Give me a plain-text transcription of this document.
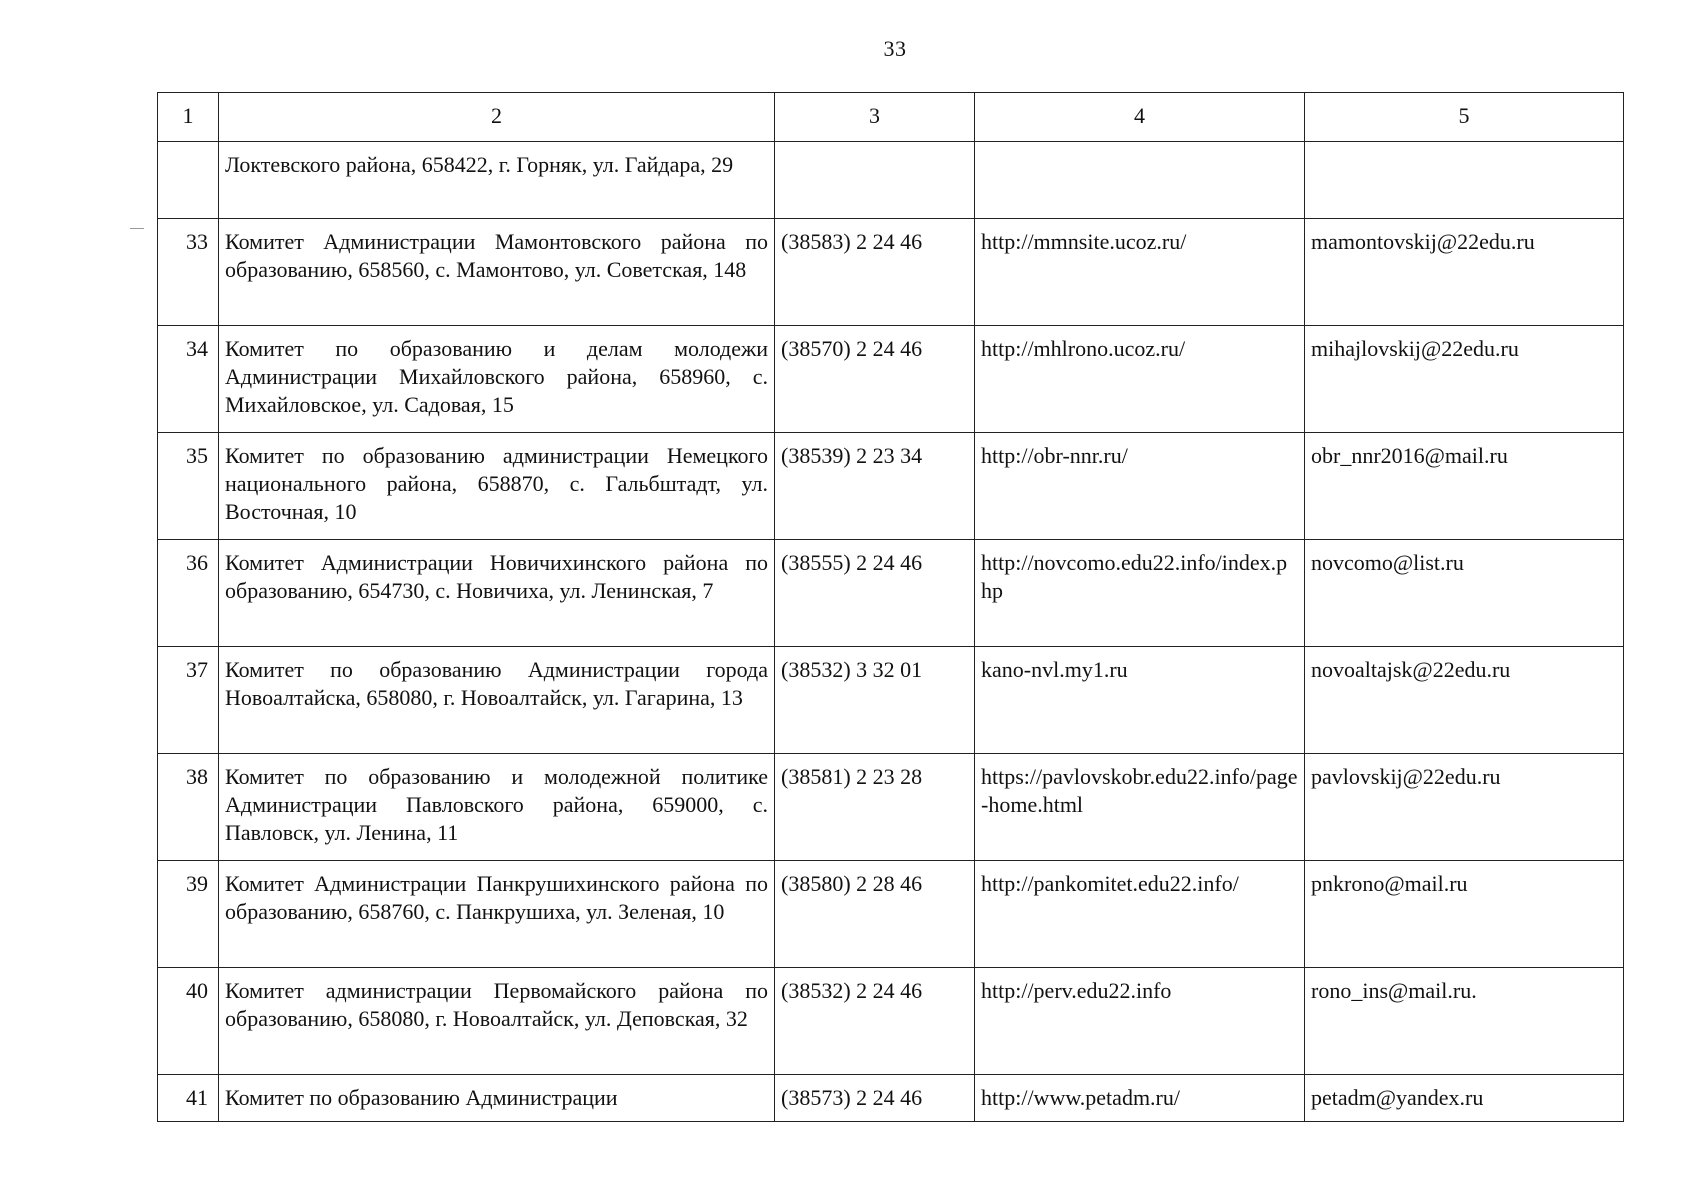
33
1	2	3	4	5
	Локтевского района, 658422, г. Горняк, ул. Гайдара, 29			
33	Комитет Администрации Мамонтовского района по образованию, 658560, с. Мамонтово, ул. Советская, 148	(38583) 2 24 46	http://mmnsite.ucoz.ru/	mamontovskij@22edu.ru
34	Комитет по образованию и делам молодежи Администрации Михайловского района, 658960, с. Михайловское, ул. Садовая, 15	(38570) 2 24 46	http://mhlrono.ucoz.ru/	mihajlovskij@22edu.ru
35	Комитет по образованию администрации Немецкого национального района, 658870, с. Гальбштадт, ул. Восточная, 10	(38539) 2 23 34	http://obr-nnr.ru/	obr_nnr2016@mail.ru
36	Комитет Администрации Новичихинского района по образованию, 654730, с. Новичиха, ул. Ленинская, 7	(38555) 2 24 46	http://novcomo.edu22.info/index.php	novcomo@list.ru
37	Комитет по образованию Администрации города Новоалтайска, 658080, г. Новоалтайск, ул. Гагарина, 13	(38532) 3 32 01	kano-nvl.my1.ru	novoaltajsk@22edu.ru
38	Комитет по образованию и молодежной политике Администрации Павловского района, 659000, с. Павловск, ул. Ленина, 11	(38581) 2 23 28	https://pavlovskobr.edu22.info/page-home.html	pavlovskij@22edu.ru
39	Комитет Администрации Панкрушихинского района по образованию, 658760, с. Панкрушиха, ул. Зеленая, 10	(38580) 2 28 46	http://pankomitet.edu22.info/	pnkrono@mail.ru
40	Комитет администрации Первомайского района по образованию, 658080, г. Новоалтайск, ул. Деповская, 32	(38532) 2 24 46	http://perv.edu22.info	rono_ins@mail.ru.
41	Комитет по образованию Администрации	(38573) 2 24 46	http://www.petadm.ru/	petadm@yandex.ru
